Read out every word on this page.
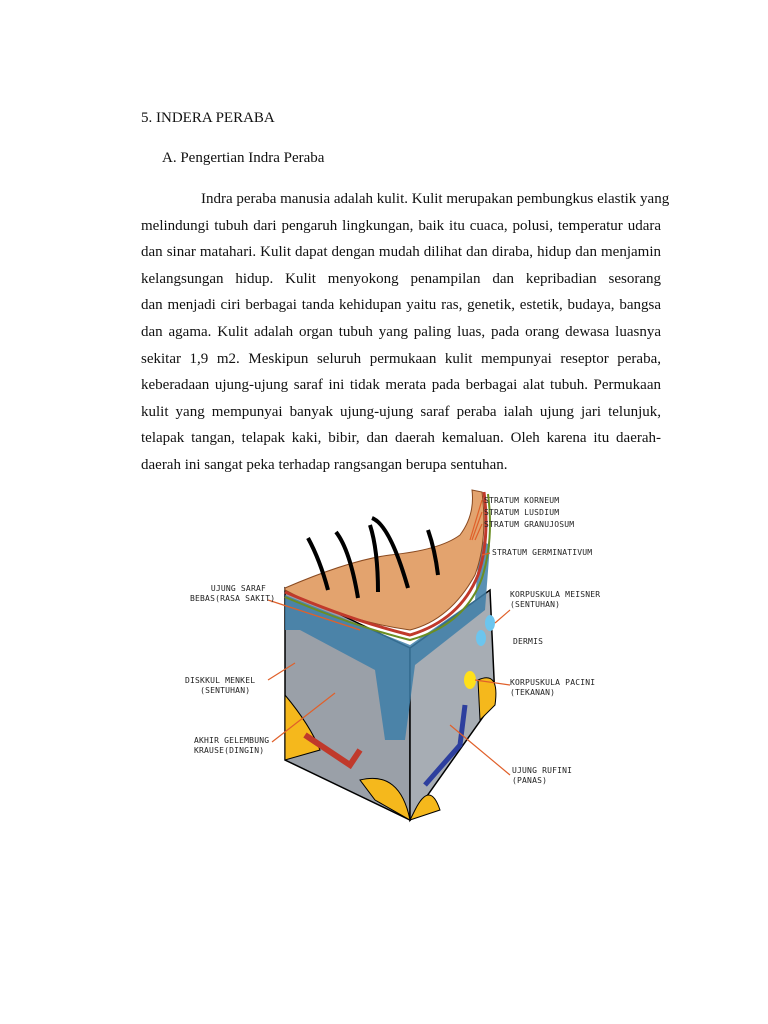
5. INDERA PERABA
A. Pengertian Indra Peraba
Indra peraba manusia adalah kulit. Kulit merupakan pembungkus elastik yang
melindungi tubuh dari pengaruh lingkungan, baik itu cuaca, polusi, temperatur udara
dan sinar matahari. Kulit dapat dengan mudah dilihat dan diraba, hidup dan menjamin
kelangsungan hidup. Kulit menyokong penampilan dan kepribadian sesorang
dan menjadi ciri berbagai tanda kehidupan yaitu ras, genetik, estetik, budaya, bangsa
dan agama. Kulit adalah organ tubuh yang paling luas, pada orang dewasa luasnya
sekitar 1,9 m2. Meskipun seluruh permukaan kulit mempunyai reseptor peraba,
keberadaan ujung-ujung saraf ini tidak merata pada berbagai alat tubuh. Permukaan
kulit yang mempunyai banyak ujung-ujung saraf peraba ialah ujung jari telunjuk,
telapak tangan, telapak kaki, bibir, dan daerah kemaluan. Oleh karena itu daerah-
daerah ini sangat peka terhadap rangsangan berupa sentuhan.
STRATUM KORNEUM
STRATUM LUSDIUM
STRATUM GRANUJOSUM
STRATUM GERMINATIVUM
UJUNG SARAF
BEBAS(RASA SAKIT)	KORPUSKULA MEISNER
(SENTUHAN)
DERMIS
DISKKUL MENKEL
(SENTUHAN)
KORPUSKULA PACINI
(TEKANAN)
AKHIR GELEMBUNG
KRAUSE(DINGIN)
UJUNG RUFINI
(PANAS)
